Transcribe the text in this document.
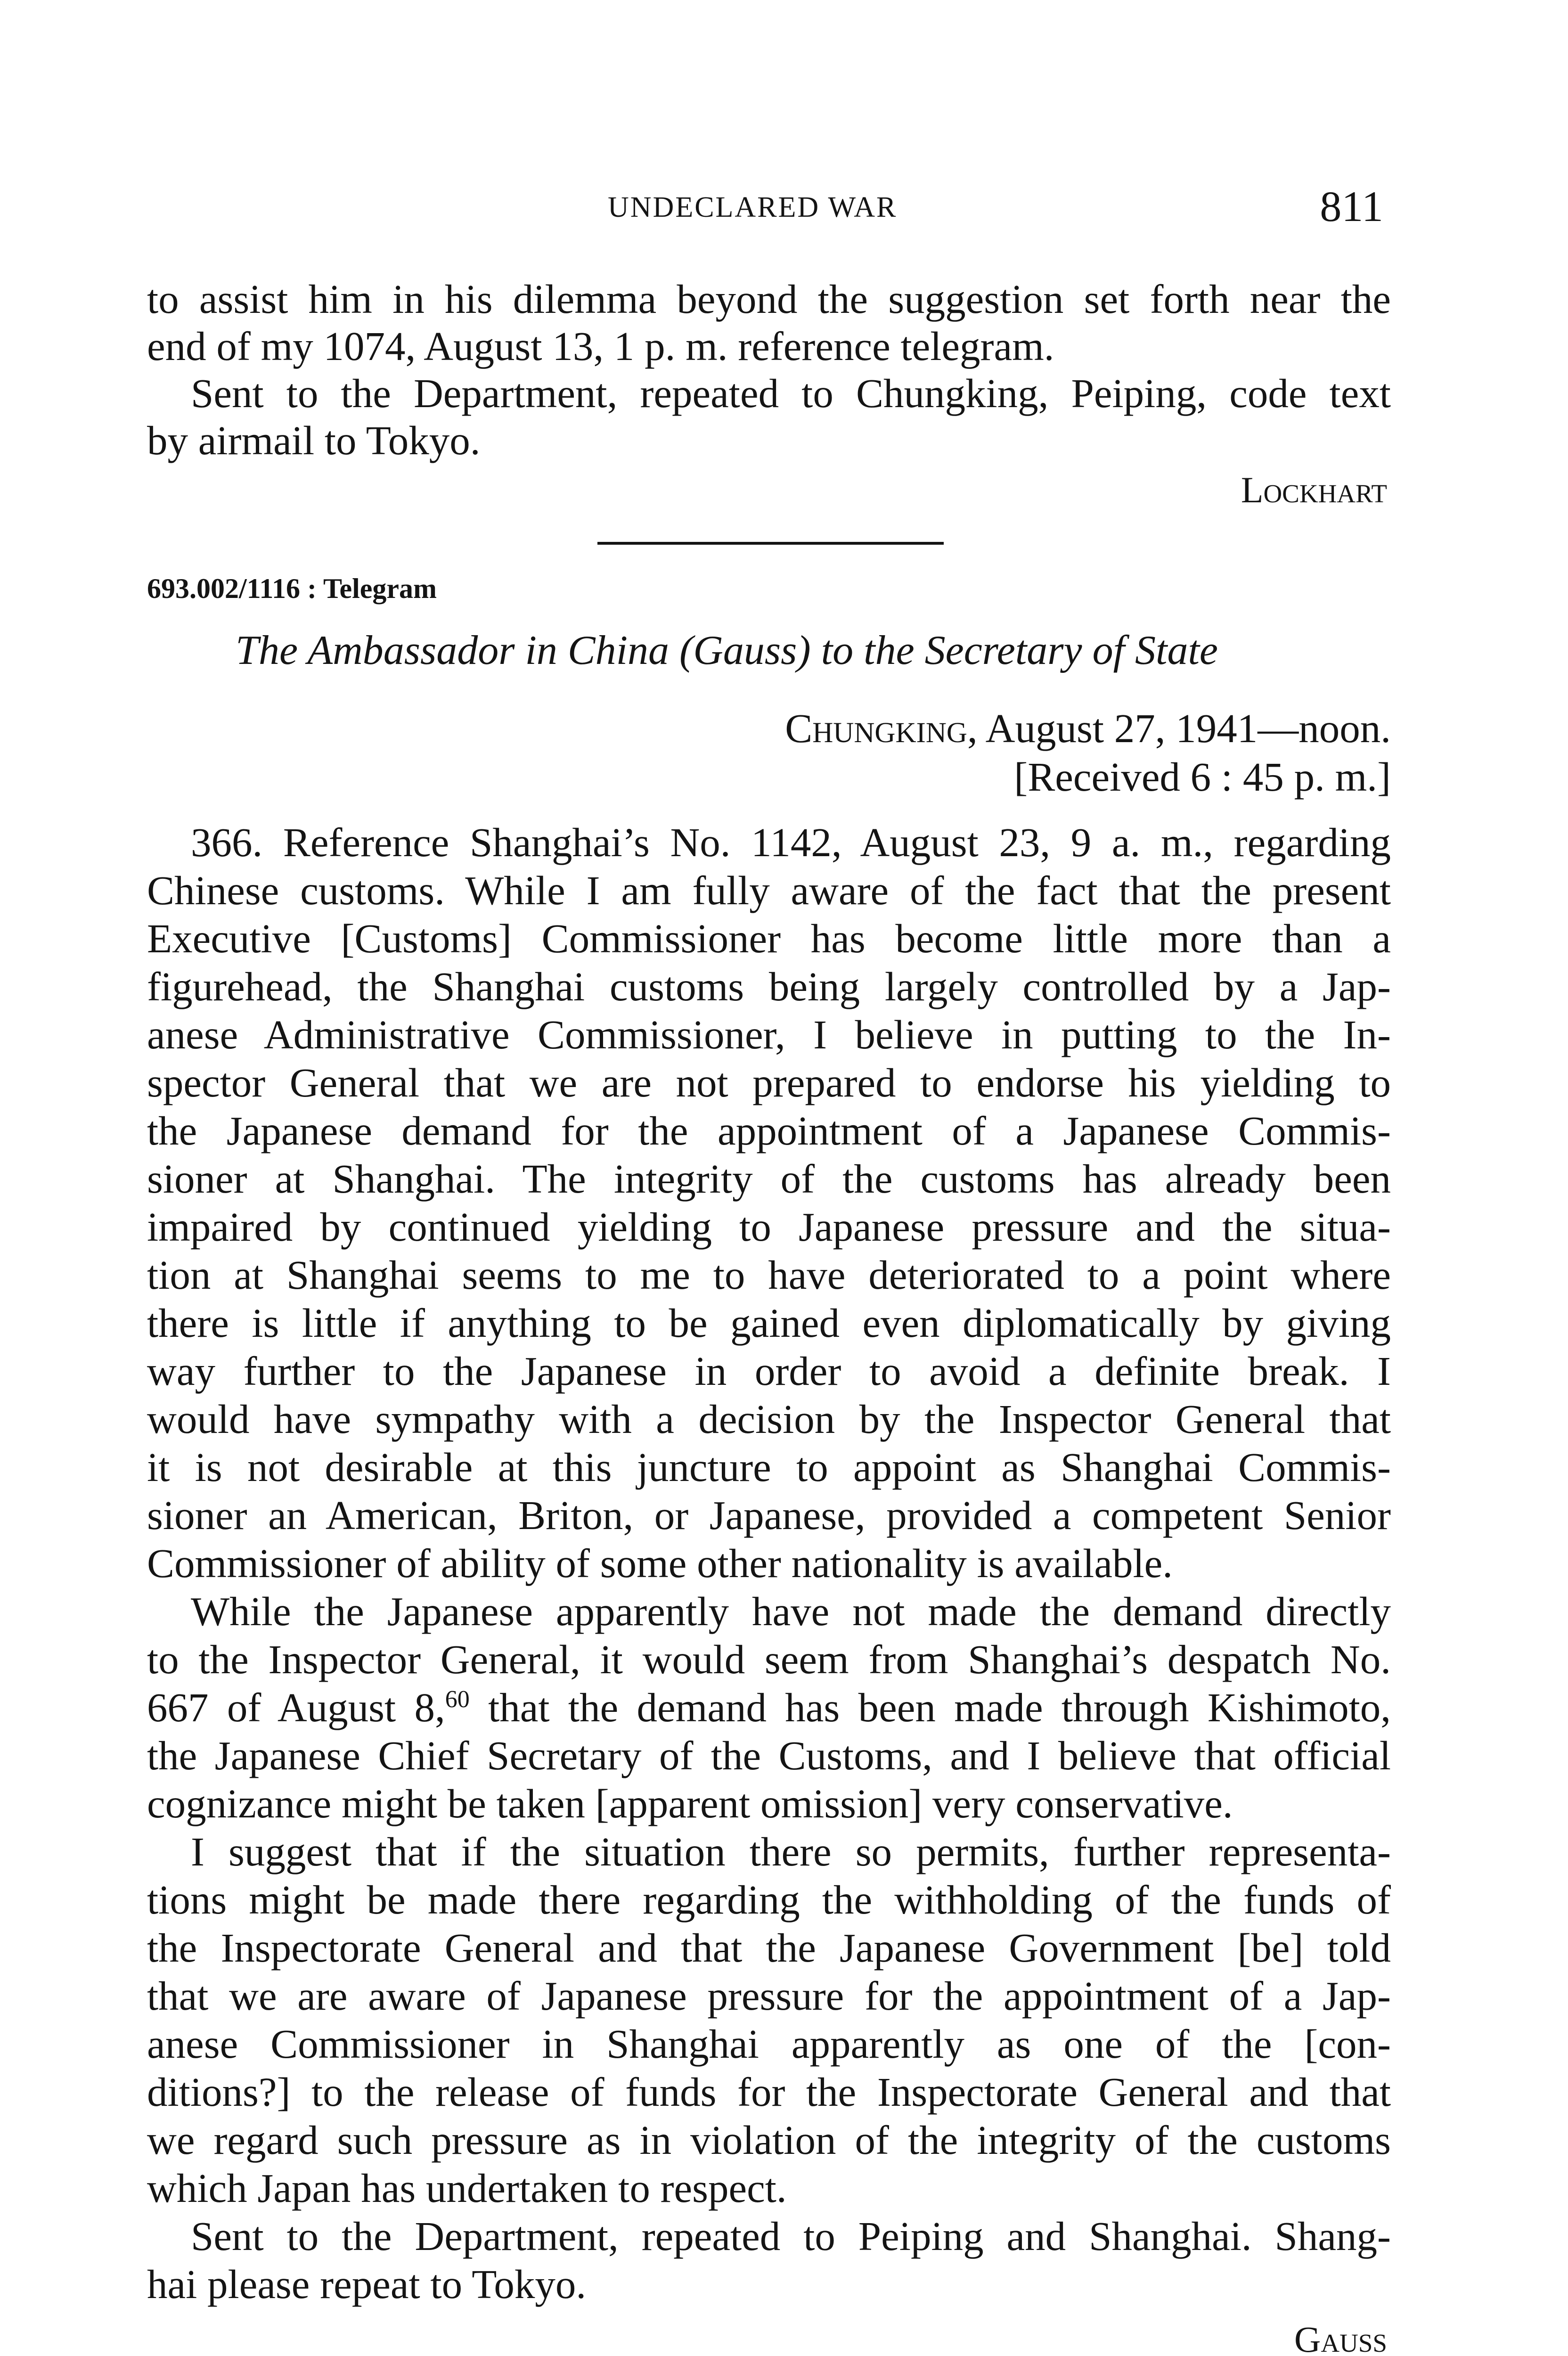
UNDECLARED WAR	811

to assist him in his dilemma beyond the suggestion set forth near the

end of my 1074, August 13, 1 p. m. reference telegram.

Sent to the Department, repeated to Chungking, Peiping, code text

by airmail to Tokyo.

Lockhart

693.002/1116 : Telegram
The Ambassador in China (Gauss) to the Secretary of State
Chungking, August 27, 1941—noon.
[Received 6 : 45 p. m.]

366. Reference Shanghai’s No. 1142, August 23, 9 a. m., regarding

Chinese customs. While I am fully aware of the fact that the present

Executive [Customs] Commissioner has become little more than a

figurehead, the Shanghai customs being largely controlled by a Jap-

anese Administrative Commissioner, I believe in putting to the In-

spector General that we are not prepared to endorse his yielding to

the Japanese demand for the appointment of a Japanese Commis-

sioner at Shanghai. The integrity of the customs has already been

impaired by continued yielding to Japanese pressure and the situa-

tion at Shanghai seems to me to have deteriorated to a point where

there is little if anything to be gained even diplomatically by giving

way further to the Japanese in order to avoid a definite break. I

would have sympathy with a decision by the Inspector General that

it is not desirable at this juncture to appoint as Shanghai Commis-

sioner an American, Briton, or Japanese, provided a competent Senior

Commissioner of ability of some other nationality is available.

While the Japanese apparently have not made the demand directly

to the Inspector General, it would seem from Shanghai’s despatch No.

667 of August 8,60 that the demand has been made through Kishimoto,

the Japanese Chief Secretary of the Customs, and I believe that official

cognizance might be taken [apparent omission] very conservative.

I suggest that if the situation there so permits, further representa-

tions might be made there regarding the withholding of the funds of

the Inspectorate General and that the Japanese Government [be] told

that we are aware of Japanese pressure for the appointment of a Jap-

anese Commissioner in Shanghai apparently as one of the [con-

ditions?] to the release of funds for the Inspectorate General and that

we regard such pressure as in violation of the integrity of the customs

which Japan has undertaken to respect.

Sent to the Department, repeated to Peiping and Shanghai. Shang-

hai please repeat to Tokyo.

Gauss
